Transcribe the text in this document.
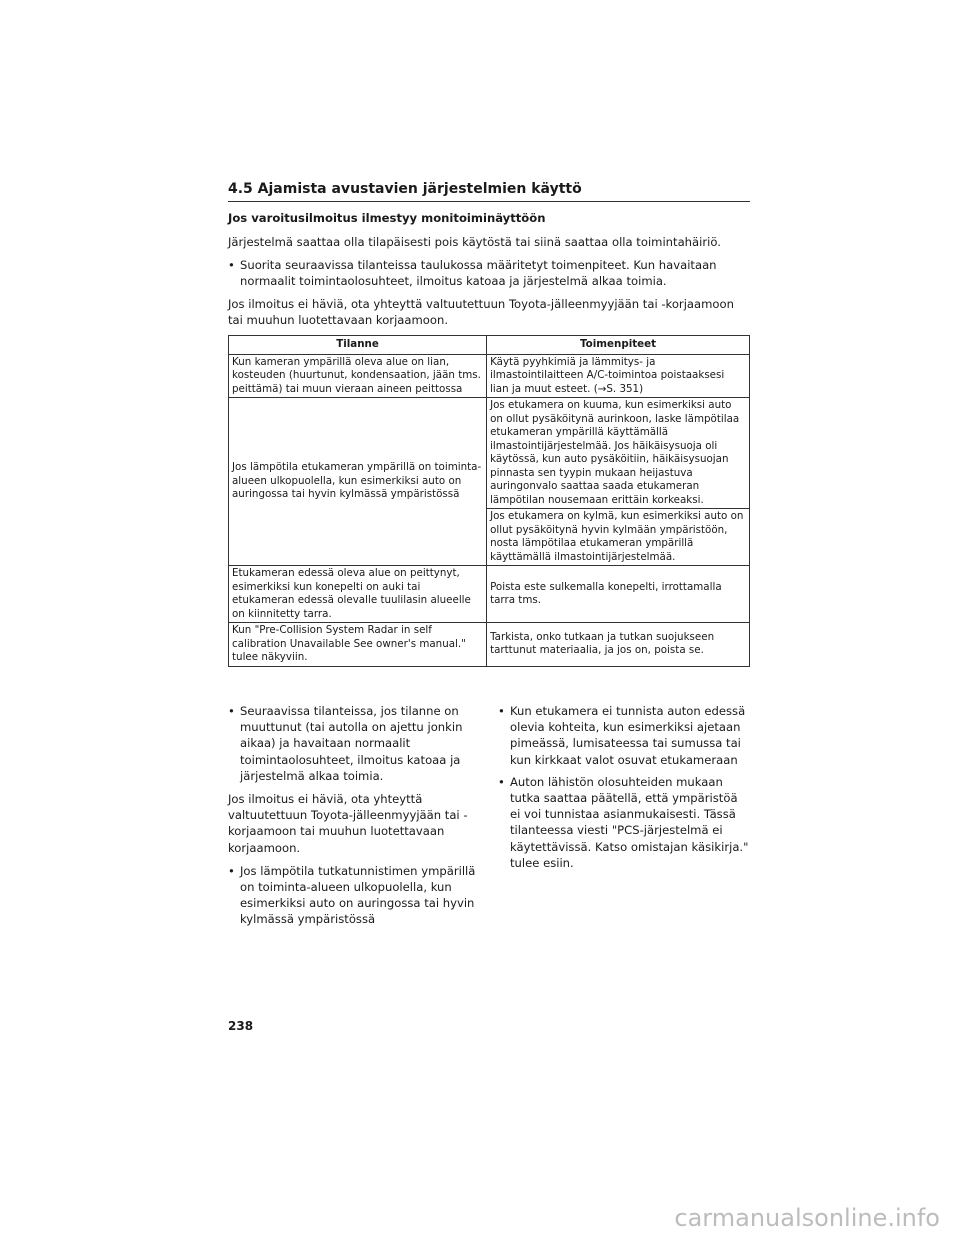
4.5 Ajamista avustavien järjestelmien käyttö
Jos varoitusilmoitus ilmestyy monitoiminäyttöön

Järjestelmä saattaa olla tilapäisesti pois käytöstä tai siinä saattaa olla toimintahäiriö.

• Suorita seuraavissa tilanteissa taulukossa määritetyt toimenpiteet. Kun havaitaan normaalit toimintaolosuhteet, ilmoitus katoaa ja järjestelmä alkaa toimia.

Jos ilmoitus ei häviä, ota yhteyttä valtuutettuun Toyota-jälleenmyyjään tai -korjaamoon tai muuhun luotettavaan korjaamoon.

Tilanne	Toimenpiteet
Kun kameran ympärillä oleva alue on lian, kosteuden (huurtunut, kondensaation, jään tms. peittämä) tai muun vieraan aineen peittossa	Käytä pyyhkimiä ja lämmitys- ja ilmastointilaitteen A/C-toimintoa poistaaksesi lian ja muut esteet. (→S. 351)
Jos lämpötila etukameran ympärillä on toiminta-alueen ulkopuolella, kun esimerkiksi auto on auringossa tai hyvin kylmässä ympäristössä	Jos etukamera on kuuma, kun esimerkiksi auto on ollut pysäköitynä aurinkoon, laske lämpötilaa etukameran ympärillä käyttämällä ilmastointijärjestelmää. Jos häikäisysuoja oli käytössä, kun auto pysäköitiin, häikäisysuojan pinnasta sen tyypin mukaan heijastuva auringonvalo saattaa saada etukameran lämpötilan nousemaan erittäin korkeaksi.
	Jos etukamera on kylmä, kun esimerkiksi auto on ollut pysäköitynä hyvin kylmään ympäristöön, nosta lämpötilaa etukameran ympärillä käyttämällä ilmastointijärjestelmää.
Etukameran edessä oleva alue on peittynyt, esimerkiksi kun konepelti on auki tai etukameran edessä olevalle tuulilasin alueelle on kiinnitetty tarra.	Poista este sulkemalla konepelti, irrottamalla tarra tms.
Kun "Pre-Collision System Radar in self calibration Unavailable See owner's manual." tulee näkyviin.	Tarkista, onko tutkaan ja tutkan suojukseen tarttunut materiaalia, ja jos on, poista se.
• Seuraavissa tilanteissa, jos tilanne on muuttunut (tai autolla on ajettu jonkin aikaa) ja havaitaan normaalit toimintaolosuhteet, ilmoitus katoaa ja järjestelmä alkaa toimia.

Jos ilmoitus ei häviä, ota yhteyttä valtuutettuun Toyota-jälleenmyyjään tai -korjaamoon tai muuhun luotettavaan korjaamoon.

• Jos lämpötila tutkatunnistimen ympärillä on toiminta-alueen ulkopuolella, kun esimerkiksi auto on auringossa tai hyvin kylmässä ympäristössä
• Kun etukamera ei tunnista auton edessä olevia kohteita, kun esimerkiksi ajetaan pimeässä, lumisateessa tai sumussa tai kun kirkkaat valot osuvat etukameraan
• Auton lähistön olosuhteiden mukaan tutka saattaa päätellä, että ympäristöä ei voi tunnistaa asianmukaisesti. Tässä tilanteessa viesti "PCS-järjestelmä ei käytettävissä. Katso omistajan käsikirja." tulee esiin.
238
carmanualsonline.info
